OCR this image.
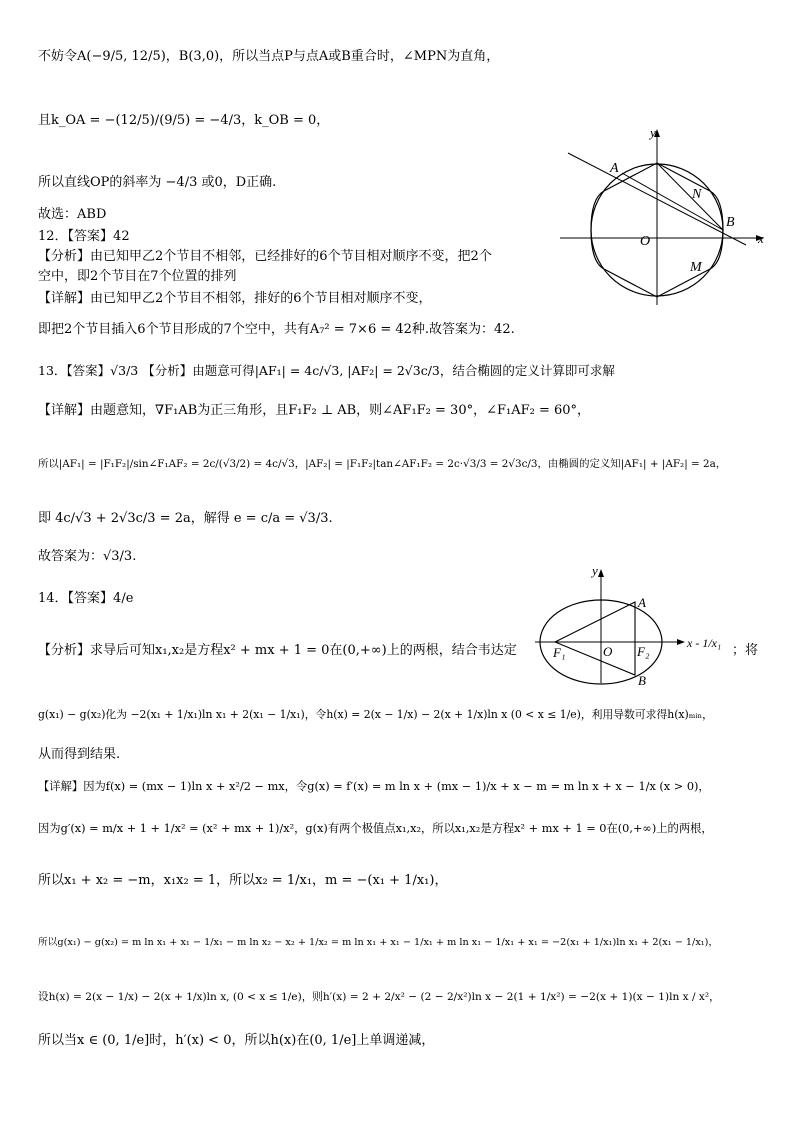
不妨令A(−9/5, 12/5)，B(3,0)，所以当点P与点A或B重合时，∠MPN为直角，
且k_OA = −(12/5)/(9/5) = −4/3，k_OB = 0，
所以直线OP的斜率为 −4/3 或0，D正确.
故选：ABD
12．【答案】42
【分析】由已知甲乙2个节目不相邻，已经排好的6个节目相对顺序不变，把2个
空中，即2个节目在7个位置的排列
【详解】由已知甲乙2个节目不相邻，排好的6个节目相对顺序不变，
即把2个节目插入6个节目形成的7个空中，共有A₇² = 7×6 = 42种.故答案为：42.
13．【答案】√3/3 【分析】由题意可得|AF₁| = 4c/√3, |AF₂| = 2√3c/3，结合椭圆的定义计算即可求解
【详解】由题意知，∇F₁AB为正三角形，且F₁F₂ ⊥ AB，则∠AF₁F₂ = 30°，∠F₁AF₂ = 60°，
所以|AF₁| = |F₁F₂|/sin∠F₁AF₂ = 2c/(√3/2) = 4c/√3，|AF₂| = |F₁F₂|tan∠AF₁F₂ = 2c·√3/3 = 2√3c/3，由椭圆的定义知|AF₁| + |AF₂| = 2a，
即 4c/√3 + 2√3c/3 = 2a，解得 e = c/a = √3/3.
故答案为：√3/3.
14．【答案】4/e
【分析】求导后可知x₁,x₂是方程x² + mx + 1 = 0在(0,+∞)上的两根，结合韦达定	；将
g(x₁) − g(x₂)化为 −2(x₁ + 1/x₁)ln x₁ + 2(x₁ − 1/x₁)，令h(x) = 2(x − 1/x) − 2(x + 1/x)ln x (0 < x ≤ 1/e)，利用导数可求得h(x)ₘᵢₙ，
从而得到结果.
【详解】因为f(x) = (mx − 1)ln x + x²/2 − mx，令g(x) = f′(x) = m ln x + (mx − 1)/x + x − m = m ln x + x − 1/x (x > 0)，
因为g′(x) = m/x + 1 + 1/x² = (x² + mx + 1)/x²，g(x)有两个极值点x₁,x₂，所以x₁,x₂是方程x² + mx + 1 = 0在(0,+∞)上的两根，
所以x₁ + x₂ = −m，x₁x₂ = 1，所以x₂ = 1/x₁，m = −(x₁ + 1/x₁)，
所以g(x₁) − g(x₂) = m ln x₁ + x₁ − 1/x₁ − m ln x₂ − x₂ + 1/x₂ = m ln x₁ + x₁ − 1/x₁ + m ln x₁ − 1/x₁ + x₁ = −2(x₁ + 1/x₁)ln x₁ + 2(x₁ − 1/x₁)，
设h(x) = 2(x − 1/x) − 2(x + 1/x)ln x, (0 < x ≤ 1/e)，则h′(x) = 2 + 2/x² − (2 − 2/x²)ln x − 2(1 + 1/x²) = −2(x + 1)(x − 1)ln x / x²，
所以当x ∈ (0, 1/e]时，h′(x) < 0，所以h(x)在(0, 1/e]上单调递减，
y
x
A
N
B
O
M
y
A
F₁	O F₂
B
x - 1/x₁
